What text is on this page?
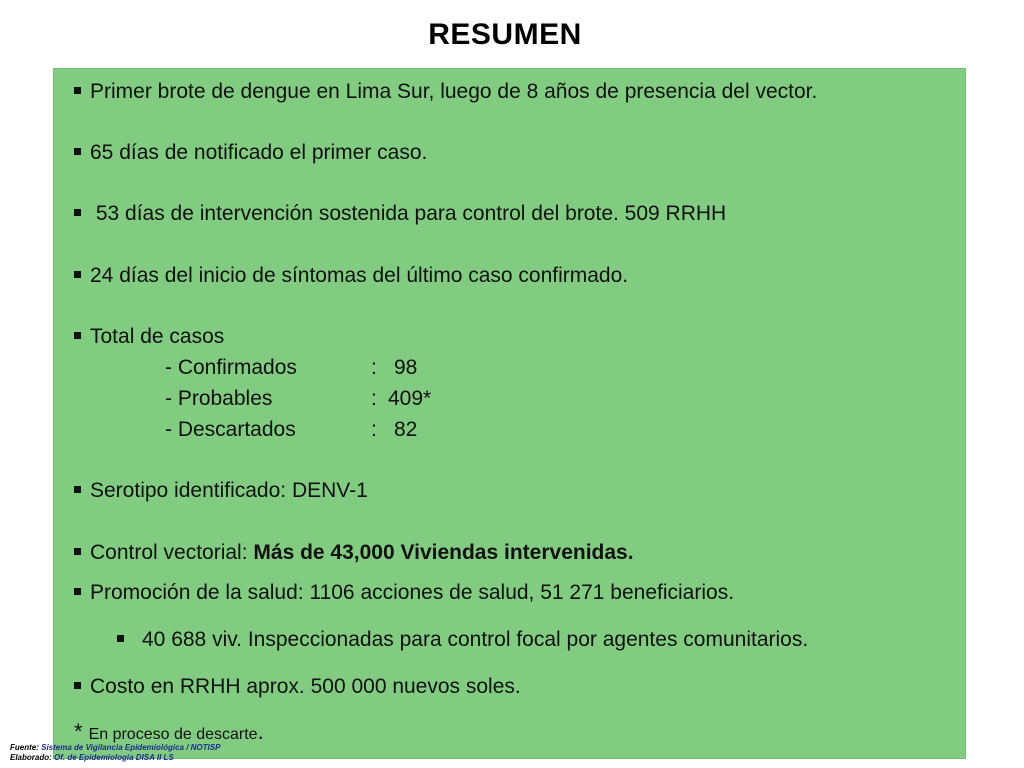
RESUMEN
Primer brote de dengue en Lima Sur, luego de 8 años de presencia del vector.
65 días de notificado el primer caso.
53 días de intervención sostenida para control del brote. 509 RRHH
24 días del inicio de síntomas del último caso confirmado.
Total de casos
- Confirmados	: 98
- Probables	: 409*
- Descartados	: 82
Serotipo identificado: DENV-1
Control vectorial: Más de 43,000 Viviendas intervenidas.
Promoción de la salud: 1106 acciones de salud, 51 271 beneficiarios.
40 688 viv. Inspeccionadas para control focal por agentes comunitarios.
Costo en RRHH aprox. 500 000 nuevos soles.
* En proceso de descarte.
Fuente: Sistema de Vigilancia Epidemiológica / NOTISP
Elaborado: Of. de Epidemiología DISA II LS
